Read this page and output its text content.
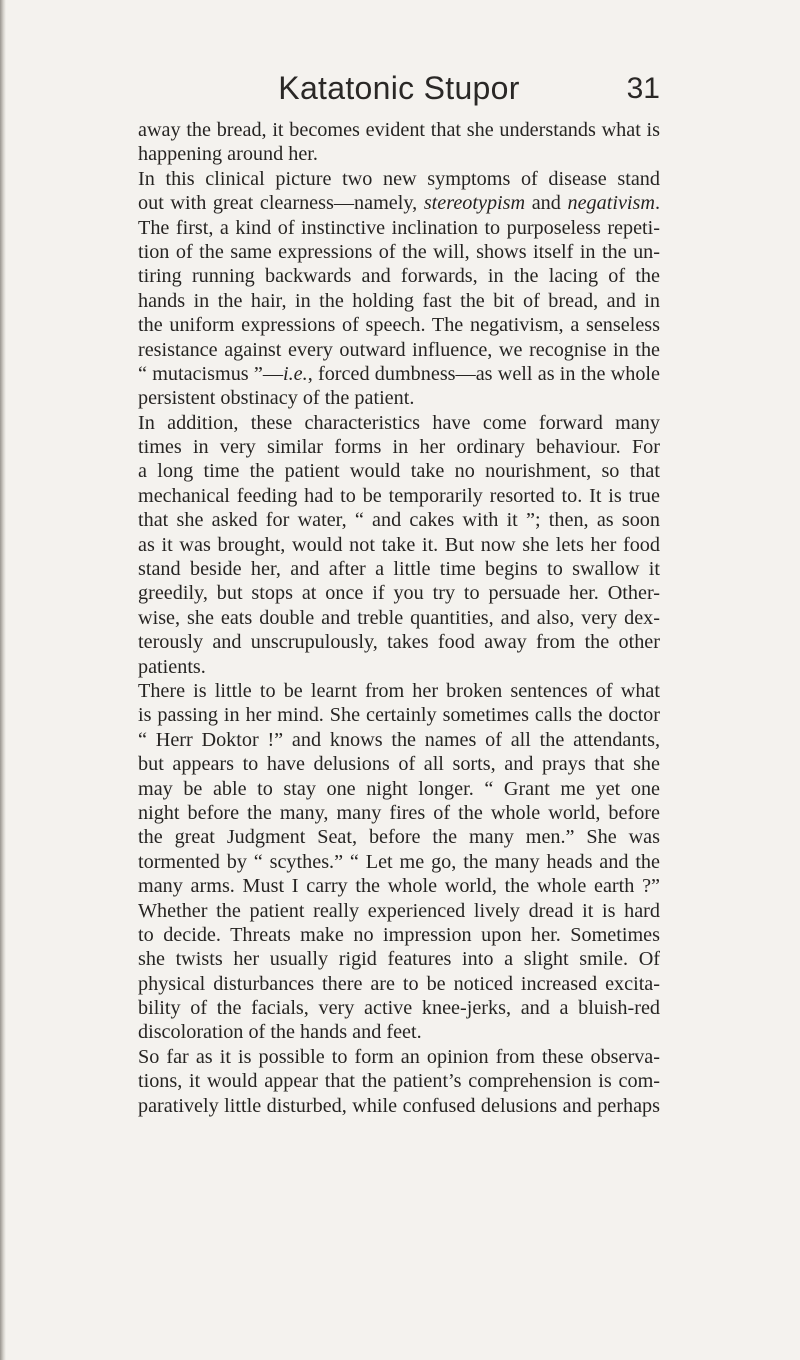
Katatonic Stupor	31
away the bread, it becomes evident that she understands what is
happening around her.
In this clinical picture two new symptoms of disease stand
out with great clearness—namely, stereotypism and negativism.
The first, a kind of instinctive inclination to purposeless repeti-
tion of the same expressions of the will, shows itself in the un-
tiring running backwards and forwards, in the lacing of the
hands in the hair, in the holding fast the bit of bread, and in
the uniform expressions of speech. The negativism, a senseless
resistance against every outward influence, we recognise in the
“ mutacismus ”—i.e., forced dumbness—as well as in the whole
persistent obstinacy of the patient.
In addition, these characteristics have come forward many
times in very similar forms in her ordinary behaviour. For
a long time the patient would take no nourishment, so that
mechanical feeding had to be temporarily resorted to. It is true
that she asked for water, “ and cakes with it ”; then, as soon
as it was brought, would not take it. But now she lets her food
stand beside her, and after a little time begins to swallow it
greedily, but stops at once if you try to persuade her. Other-
wise, she eats double and treble quantities, and also, very dex-
terously and unscrupulously, takes food away from the other
patients.
There is little to be learnt from her broken sentences of what
is passing in her mind. She certainly sometimes calls the doctor
“ Herr Doktor !” and knows the names of all the attendants,
but appears to have delusions of all sorts, and prays that she
may be able to stay one night longer. “ Grant me yet one
night before the many, many fires of the whole world, before
the great Judgment Seat, before the many men.” She was
tormented by “ scythes.” “ Let me go, the many heads and the
many arms. Must I carry the whole world, the whole earth ?”
Whether the patient really experienced lively dread it is hard
to decide. Threats make no impression upon her. Sometimes
she twists her usually rigid features into a slight smile. Of
physical disturbances there are to be noticed increased excita-
bility of the facials, very active knee-jerks, and a bluish-red
discoloration of the hands and feet.
So far as it is possible to form an opinion from these observa-
tions, it would appear that the patient’s comprehension is com-
paratively little disturbed, while confused delusions and perhaps
